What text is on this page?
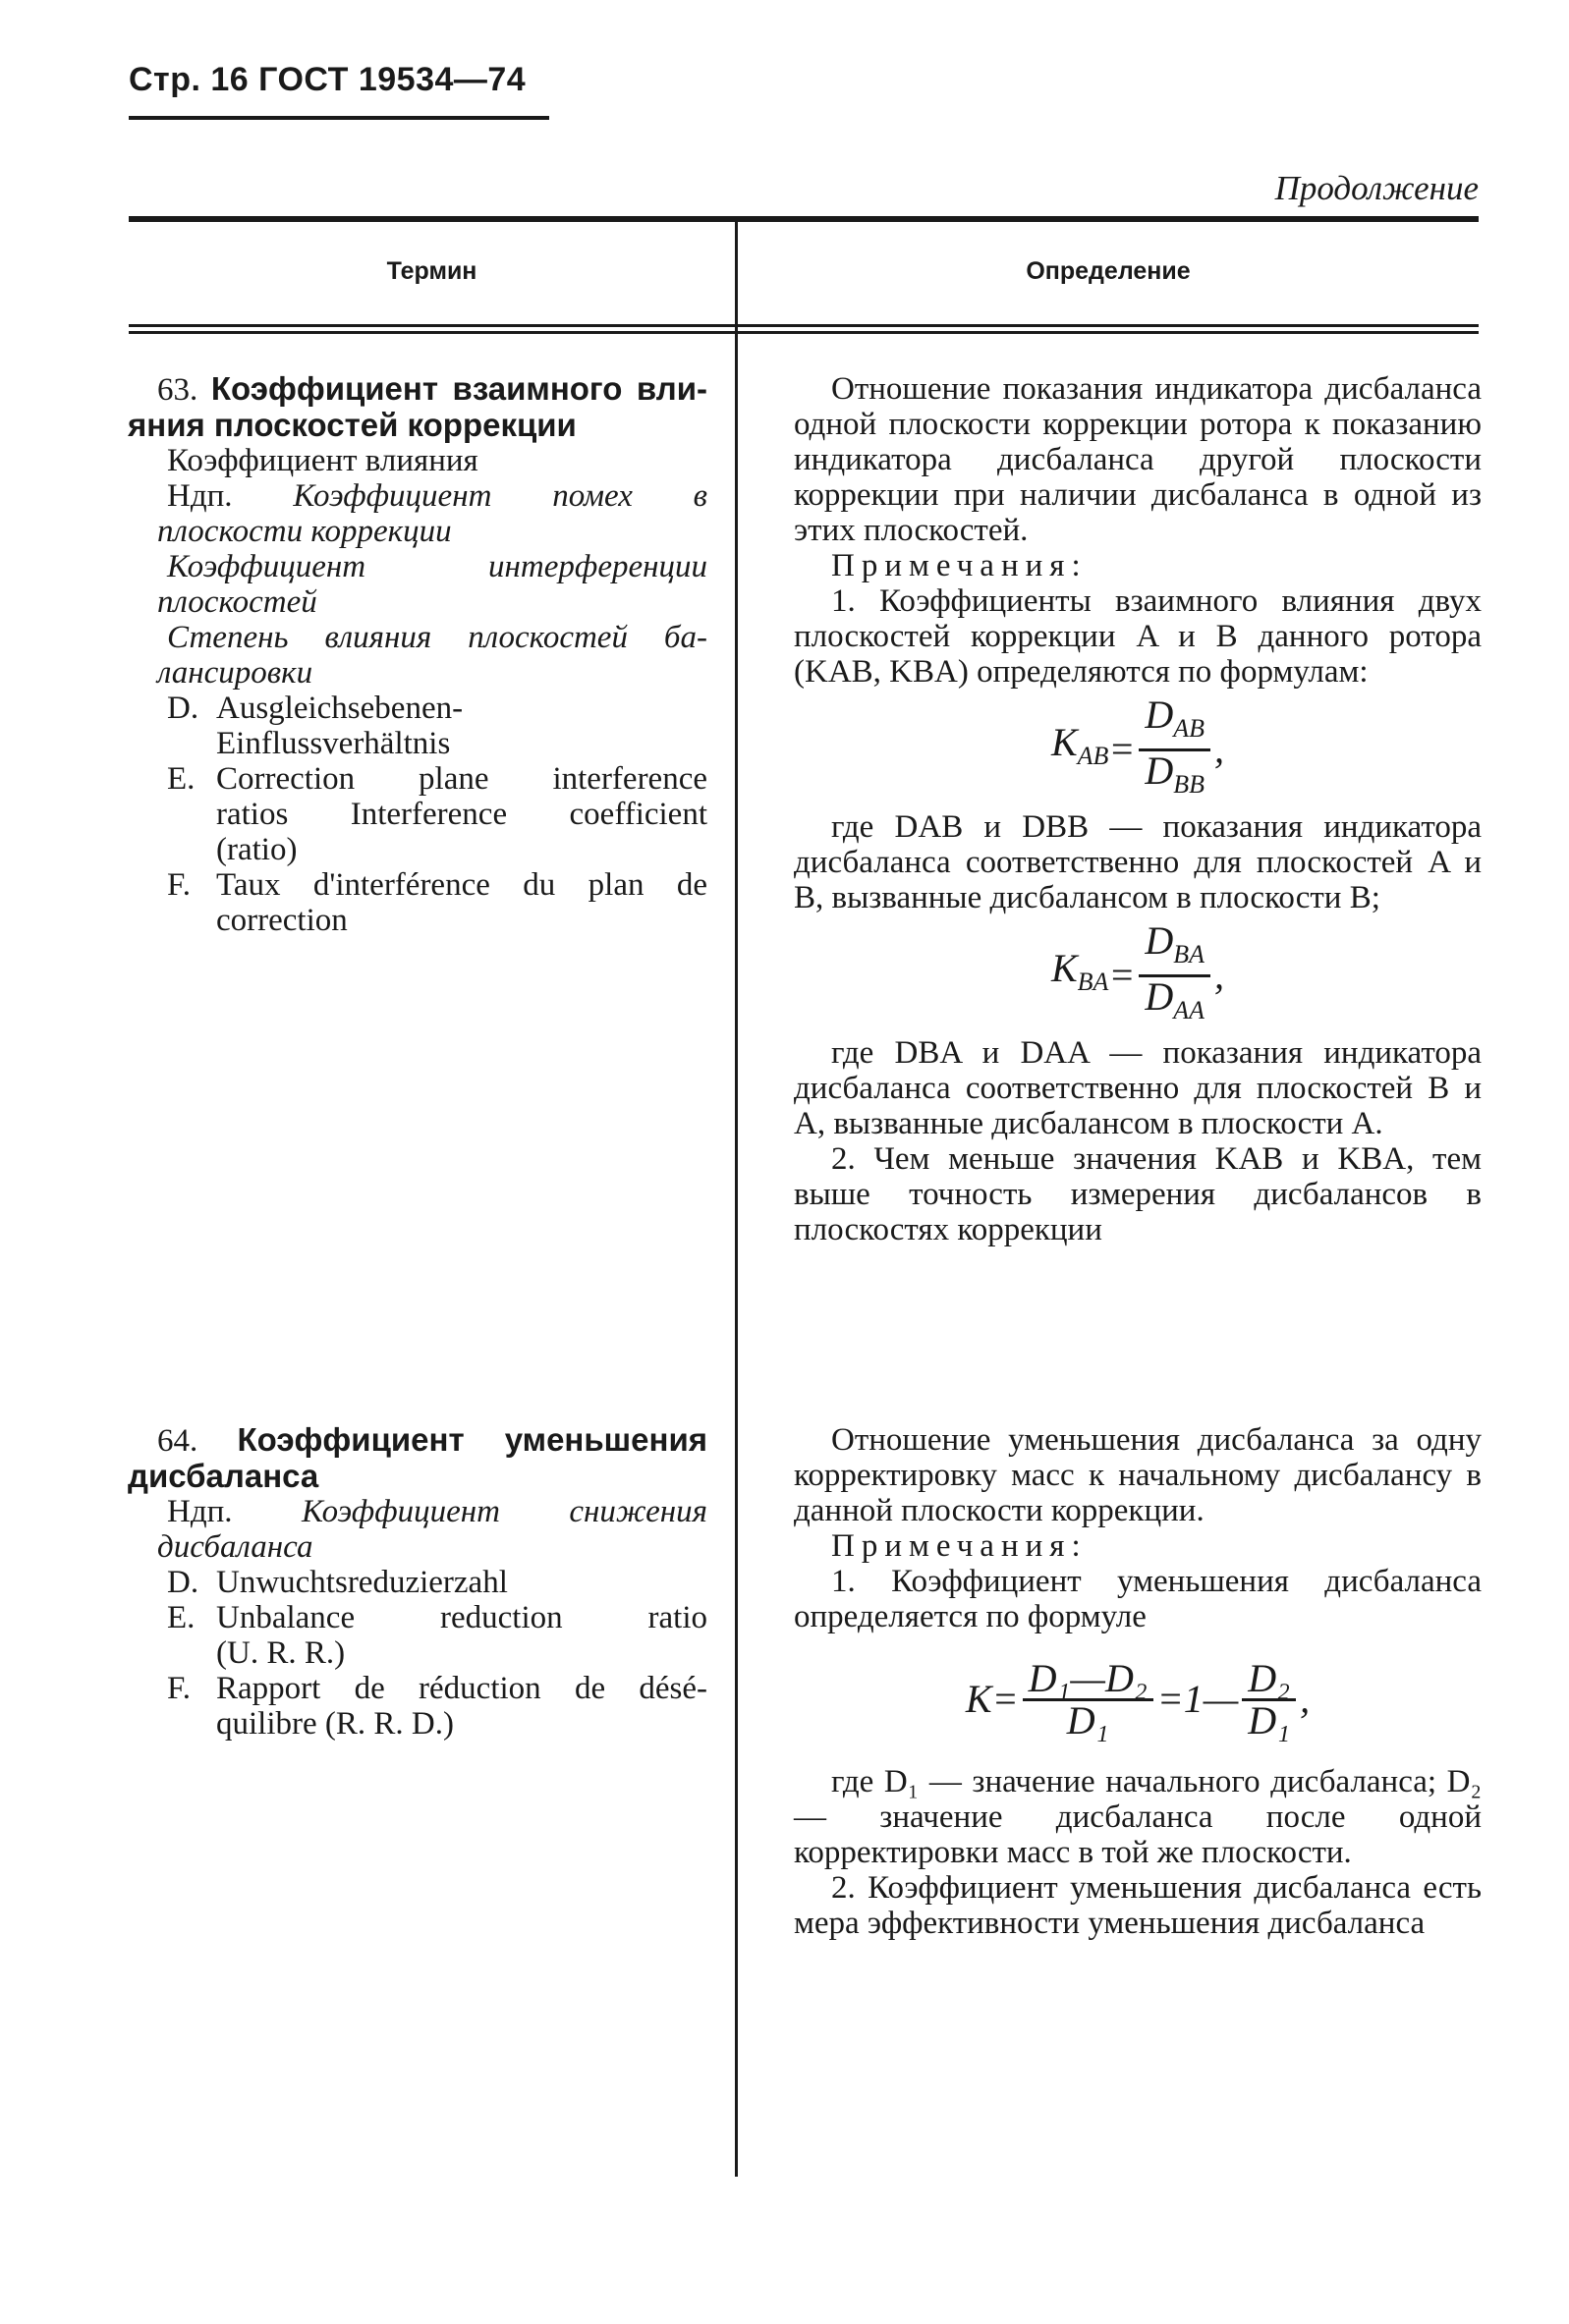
Стр. 16 ГОСТ 19534—74
Продолжение
Термин	Определение
63. Коэффициент взаимного вли-
яния плоскостей коррекции
Коэффициент влияния
Ндп. Коэффициент помех в
плоскости коррекции
Коэффициент интерференции
плоскостей
Степень влияния плоскостей ба-
лансировки
D. Ausgleichsebenen-
Einflussverhältnis
E. Correction plane interference
ratios Interference coefficient
(ratio)
F. Taux d'interférence du plan de
correction

Отношение показания индикатора дисбаланса одной плоскости коррекции ротора к показанию индикатора дисбаланса другой плоскости коррекции при наличии дисбаланса в одной из этих плоскостей.

Примечания:

1. Коэффициенты взаимного влияния двух плоскостей коррекции A и B данного ротора (KAB, KBA) определяются по формулам:

$K_{AB} = \frac{D_{AB}}{D_{BB}}$ ,

где DAB и DBB — показания индикатора дисбаланса соответственно для плоскостей A и B, вызванные дисбалансом в плоскости B;

$K_{BA} = \frac{D_{BA}}{D_{AA}}$ ,

где DBA и DAA — показания индикатора дисбаланса соответственно для плоскостей B и A, вызванные дисбалансом в плоскости A.

2. Чем меньше значения KAB и KBA, тем выше точность измерения дисбалансов в плоскостях коррекции

64. Коэффициент уменьшения
дисбаланса
Ндп. Коэффициент снижения
дисбаланса
D. Unwuchtsreduzierzahl
E. Unbalance reduction ratio
(U. R. R.)
F. Rapport de réduction de désé-
quilibre (R. R. D.)

Отношение уменьшения дисбаланса за одну корректировку масс к начальному дисбалансу в данной плоскости коррекции.

Примечания:

1. Коэффициент уменьшения дисбаланса определяется по формуле

$K = \frac{\text{D₁—D₂}}{\text{D₁}}$ =1— $\frac{\text{D₂}}{\text{D₁}}$ ,

где D₁ — значение начального дисбаланса; D₂ — значение дисбаланса после одной корректировки масс в той же плоскости.

2. Коэффициент уменьшения дисбаланса есть мера эффективности уменьшения дисбаланса
